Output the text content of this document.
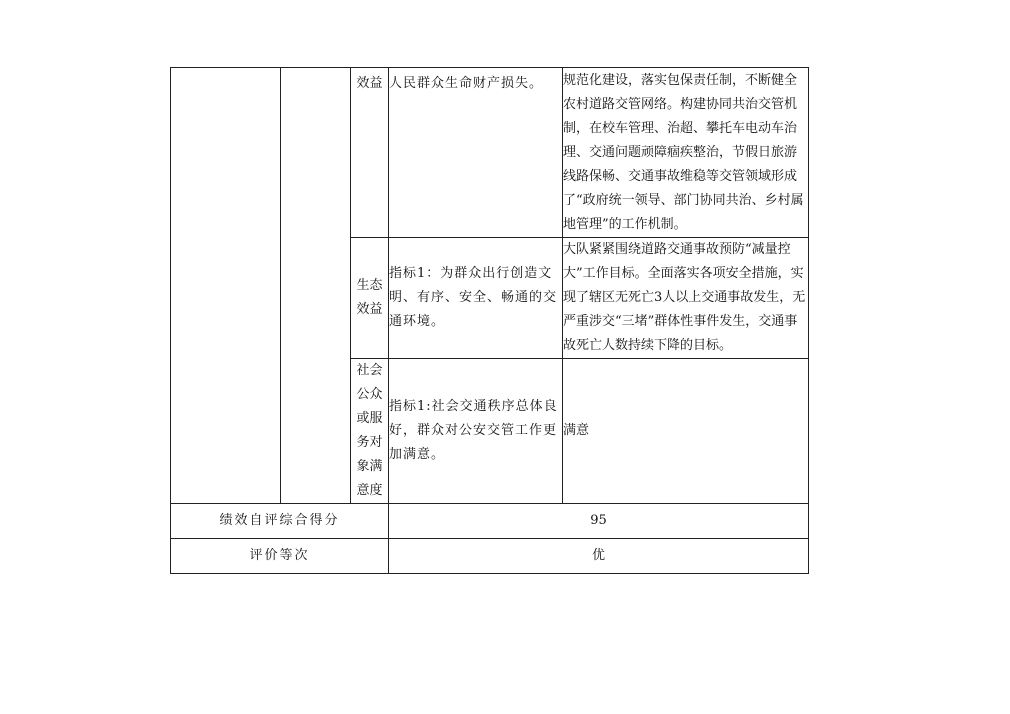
		效益	人民群众生命财产损失。	规范化建设，落实包保责任制，不断健全农村道路交管网络。构建协同共治交管机制，在校车管理、治超、攀托车电动车治理、交通问题顽障痼疾整治，节假日旅游线路保畅、交通事故维稳等交管领域形成了“政府统一领导、部门协同共治、乡村属地管理”的工作机制。
		生态效益	指标1：为群众出行创造文明、有序、安全、畅通的交通环境。	大队紧紧围绕道路交通事故预防“减量控大”工作目标。全面落实各项安全措施，实现了辖区无死亡3人以上交通事故发生，无严重涉交“三堵”群体性事件发生，交通事故死亡人数持续下降的目标。
		社会公众或服务对象满意度	指标1:社会交通秩序总体良好，群众对公安交管工作更加满意。	满意
绩效自评综合得分			95	
评价等次			优	
